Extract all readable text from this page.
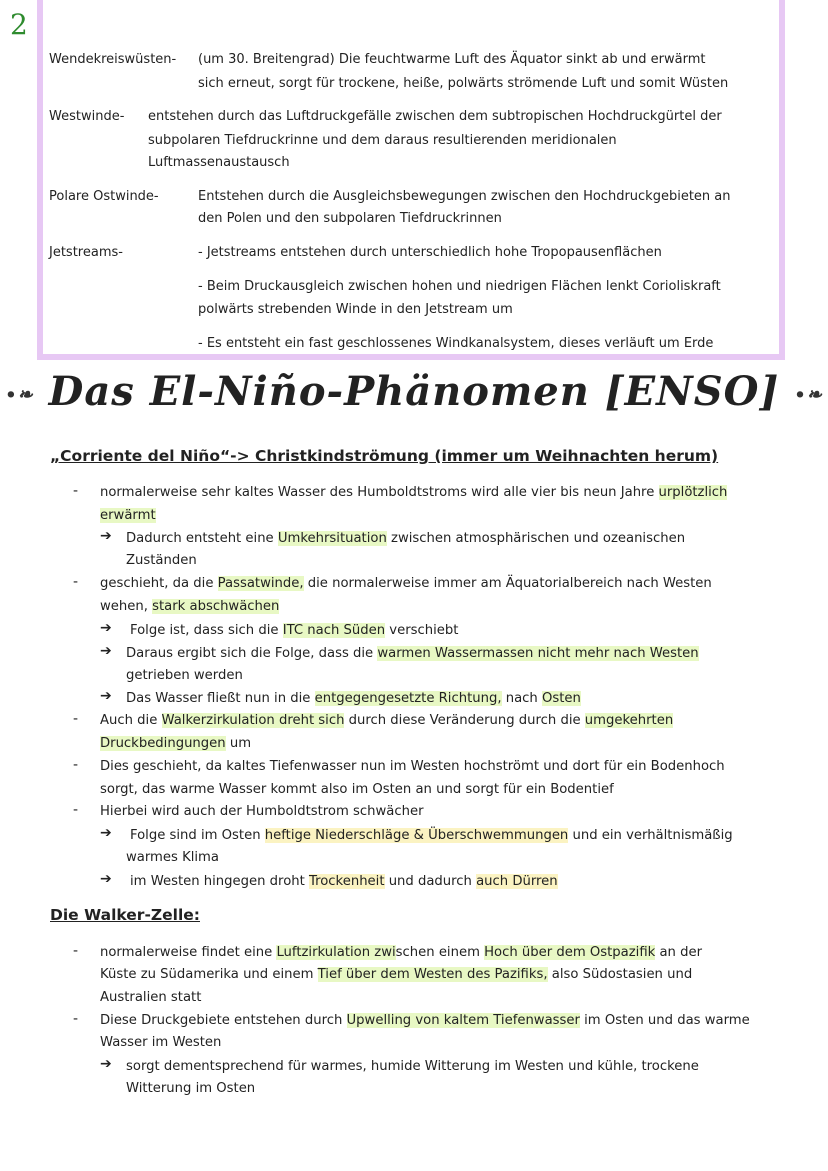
2
Wendekreiswüsten- (um 30. Breitengrad) Die feuchtwarme Luft des Äquator sinkt ab und erwärmt
sich erneut, sorgt für trockene, heiße, polwärts strömende Luft und somit Wüsten
Westwinde- entstehen durch das Luftdruckgefälle zwischen dem subtropischen Hochdruckgürtel der
subpolaren Tiefdruckrinne und dem daraus resultierenden meridionalen
Luftmassenaustausch
Polare Ostwinde-	Entstehen durch die Ausgleichsbewegungen zwischen den Hochdruckgebieten an
den Polen und den subpolaren Tiefdruckrinnen
Jetstreams-	- Jetstreams entstehen durch unterschiedlich hohe Tropopausenflächen
- Beim Druckausgleich zwischen hohen und niedrigen Flächen lenkt Corioliskraft
polwärts strebenden Winde in den Jetstream um
- Es entsteht ein fast geschlossenes Windkanalsystem, dieses verläuft um Erde
•❧ Das El-Niño-Phänomen [ENSO] •❧
„Corriente del Niño“-> Christkindströmung (immer um Weihnachten herum)
- normalerweise sehr kaltes Wasser des Humboldtstroms wird alle vier bis neun Jahre urplötzlich
erwärmt
➔ Dadurch entsteht eine Umkehrsituation zwischen atmosphärischen und ozeanischen
Zuständen
- geschieht, da die Passatwinde, die normalerweise immer am Äquatorialbereich nach Westen
wehen, stark abschwächen
➔ Folge ist, dass sich die ITC nach Süden verschiebt
➔ Daraus ergibt sich die Folge, dass die warmen Wassermassen nicht mehr nach Westen
getrieben werden
➔ Das Wasser fließt nun in die entgegengesetzte Richtung, nach Osten
- Auch die Walkerzirkulation dreht sich durch diese Veränderung durch die umgekehrten
Druckbedingungen um
- Dies geschieht, da kaltes Tiefenwasser nun im Westen hochströmt und dort für ein Bodenhoch
sorgt, das warme Wasser kommt also im Osten an und sorgt für ein Bodentief
- Hierbei wird auch der Humboldtstrom schwächer
➔ Folge sind im Osten heftige Niederschläge & Überschwemmungen und ein verhältnismäßig
warmes Klima
➔ im Westen hingegen droht Trockenheit und dadurch auch Dürren
Die Walker-Zelle:
- normalerweise findet eine Luftzirkulation zwischen einem Hoch über dem Ostpazifik an der
Küste zu Südamerika und einem Tief über dem Westen des Pazifiks, also Südostasien und
Australien statt
- Diese Druckgebiete entstehen durch Upwelling von kaltem Tiefenwasser im Osten und das warme
Wasser im Westen
➔ sorgt dementsprechend für warmes, humide Witterung im Westen und kühle, trockene
Witterung im Osten
